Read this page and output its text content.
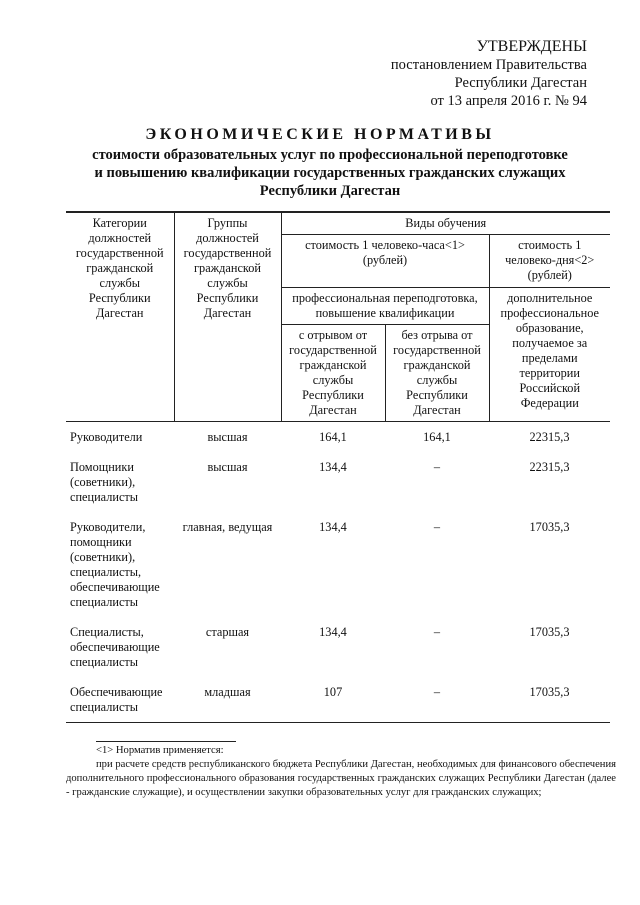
УТВЕРЖДЕНЫ
постановлением Правительства
Республики Дагестан
от 13 апреля 2016 г. № 94
ЭКОНОМИЧЕСКИЕ НОРМАТИВЫ
стоимости образовательных услуг по профессиональной переподготовке
и повышению квалификации государственных гражданских служащих
Республики Дагестан
Категории должностей государственной гражданской службы Республики Дагестан	Группы должностей государственной гражданской службы Республики Дагестан	Виды обучения		
		стоимость 1 человеко-часа<1> (рублей)		стоимость 1 человеко-дня<2> (рублей)
		профессиональная переподготовка, повышение квалификации		дополнительное профессиональное образование, получаемое за пределами территории Российской Федерации
		с отрывом от государственной гражданской службы Республики Дагестан	без отрыва от государственной гражданской службы Республики Дагестан	
Руководители	высшая	164,1	164,1	22315,3
Помощники (советники), специалисты	высшая	134,4	–	22315,3
Руководители, помощники (советники), специалисты, обеспечивающие специалисты	главная, ведущая	134,4	–	17035,3
Специалисты, обеспечивающие специалисты	старшая	134,4	–	17035,3
Обеспечивающие специалисты	младшая	107	–	17035,3

<1> Норматив применяется:

при расчете средств республиканского бюджета Республики Дагестан, необходимых для финансового обеспечения дополнительного профессионального образования государственных гражданских служащих Республики Дагестан (далее - гражданские служащие), и осуществлении закупки образовательных услуг для гражданских служащих;
